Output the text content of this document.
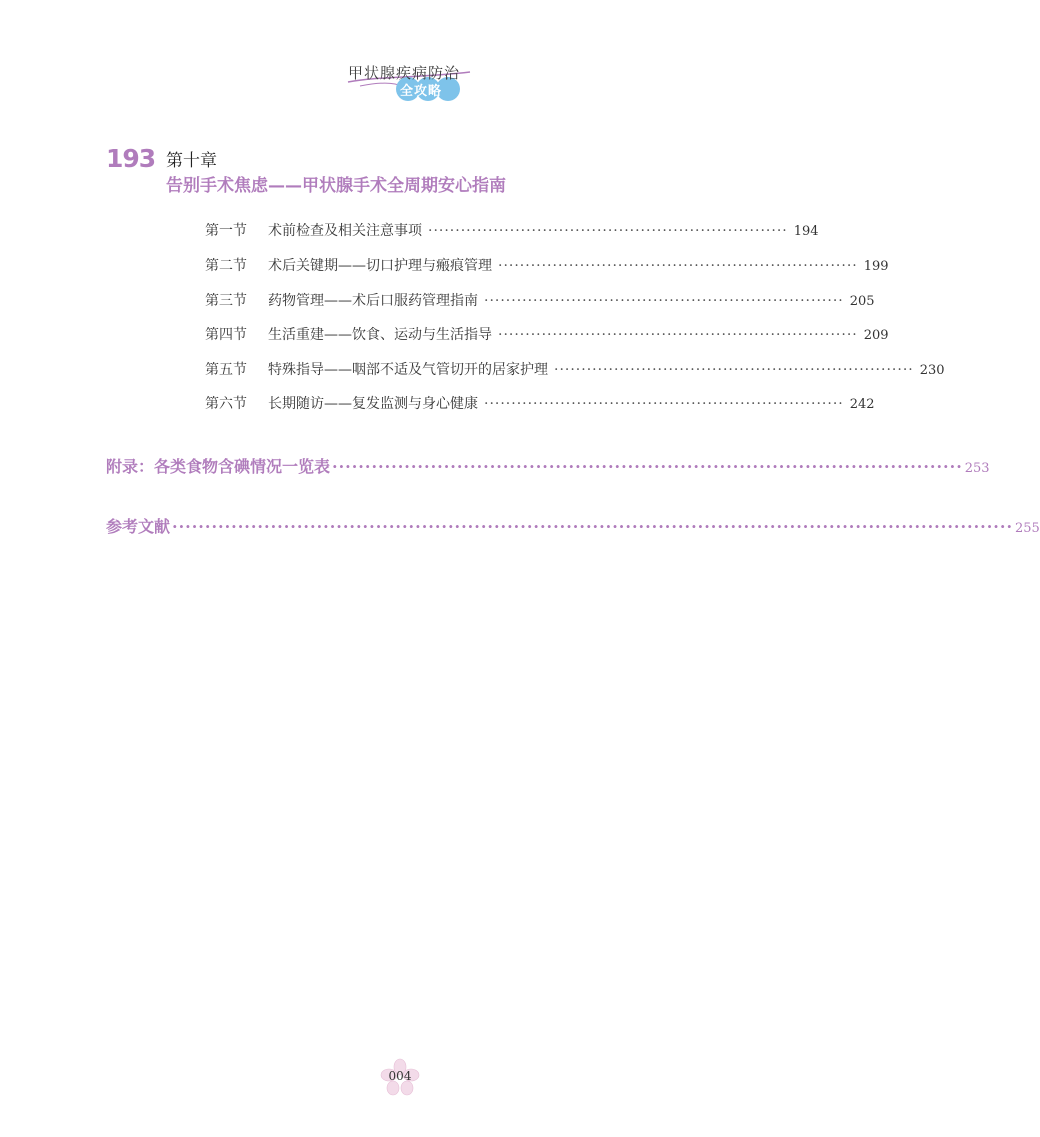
甲状腺疾病防治
全攻略
193 第十章
告别手术焦虑——甲状腺手术全周期安心指南
第一节	术前检查及相关注意事项 ·································································· 194
第二节	术后关键期——切口护理与瘢痕管理 ·································································· 199
第三节	药物管理——术后口服药管理指南 ·································································· 205
第四节	生活重建——饮食、运动与生活指导 ·································································· 209
第五节	特殊指导——咽部不适及气管切开的居家护理 ·································································· 230
第六节	长期随访——复发监测与身心健康 ·································································· 242
附录：各类食物含碘情况一览表 ································································································ 253
参考文献 ································································································································ 255
004
